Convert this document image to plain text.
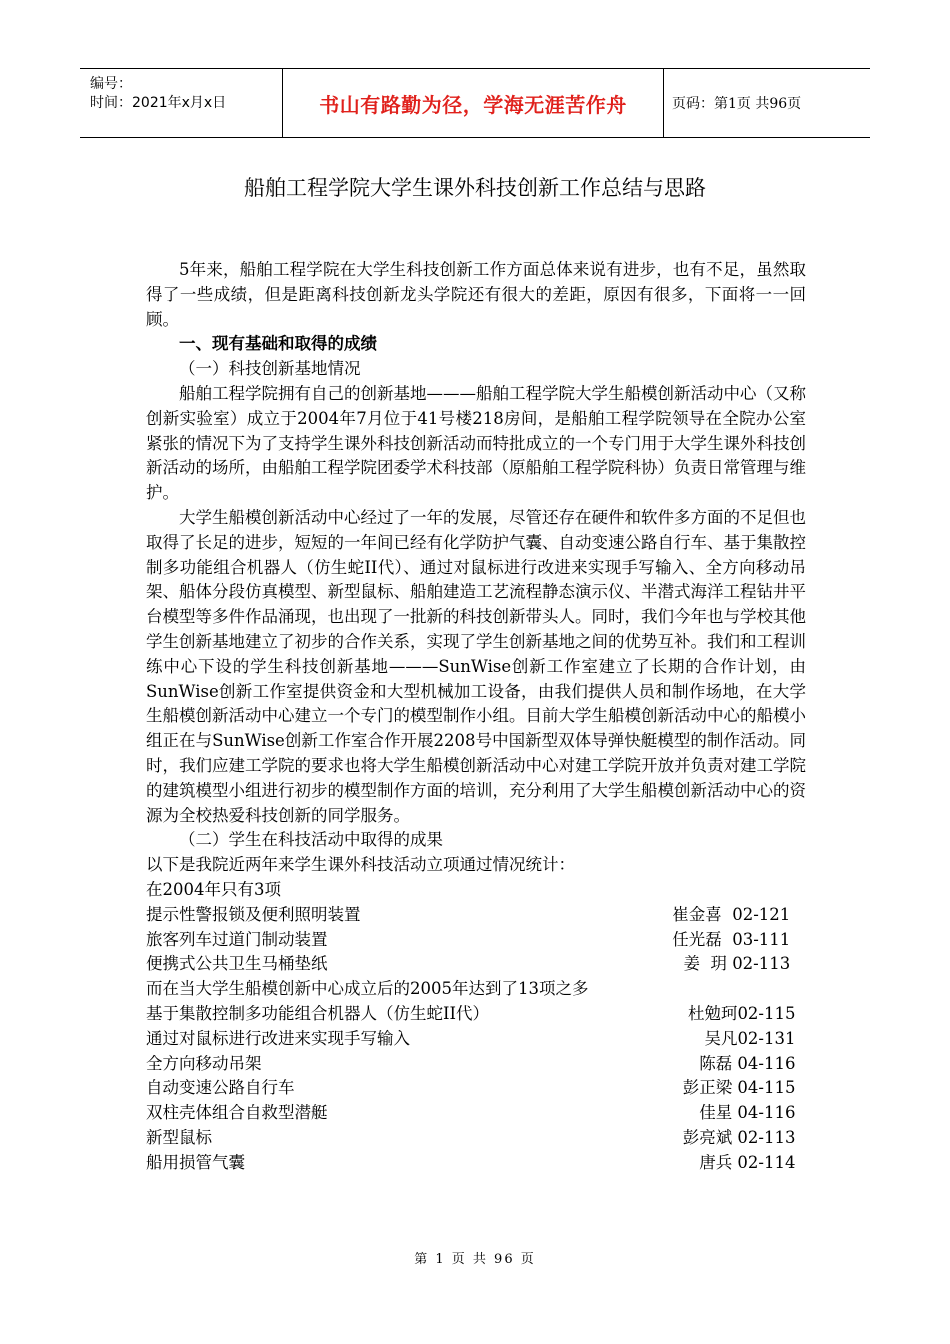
编号：
时间：2021年x月x日	书山有路勤为径，学海无涯苦作舟	页码：第1页 共96页
船舶工程学院大学生课外科技创新工作总结与思路

5年来，船舶工程学院在大学生科技创新工作方面总体来说有进步，也有不足，虽然取得了一些成绩，但是距离科技创新龙头学院还有很大的差距，原因有很多，下面将一一回顾。

一、现有基础和取得的成绩

（一）科技创新基地情况

船舶工程学院拥有自己的创新基地———船舶工程学院大学生船模创新活动中心（又称创新实验室）成立于2004年7月位于41号楼218房间，是船舶工程学院领导在全院办公室紧张的情况下为了支持学生课外科技创新活动而特批成立的一个专门用于大学生课外科技创新活动的场所，由船舶工程学院团委学术科技部（原船舶工程学院科协）负责日常管理与维护。

大学生船模创新活动中心经过了一年的发展，尽管还存在硬件和软件多方面的不足但也取得了长足的进步，短短的一年间已经有化学防护气囊、自动变速公路自行车、基于集散控制多功能组合机器人（仿生蛇II代）、通过对鼠标进行改进来实现手写输入、全方向移动吊架、船体分段仿真模型、新型鼠标、船舶建造工艺流程静态演示仪、半潜式海洋工程钻井平台模型等多件作品涌现，也出现了一批新的科技创新带头人。同时，我们今年也与学校其他学生创新基地建立了初步的合作关系，实现了学生创新基地之间的优势互补。我们和工程训练中心下设的学生科技创新基地———SunWise创新工作室建立了长期的合作计划，由SunWise创新工作室提供资金和大型机械加工设备，由我们提供人员和制作场地，在大学生船模创新活动中心建立一个专门的模型制作小组。目前大学生船模创新活动中心的船模小组正在与SunWise创新工作室合作开展2208号中国新型双体导弹快艇模型的制作活动。同时，我们应建工学院的要求也将大学生船模创新活动中心对建工学院开放并负责对建工学院的建筑模型小组进行初步的模型制作方面的培训，充分利用了大学生船模创新活动中心的资源为全校热爱科技创新的同学服务。

（二）学生在科技活动中取得的成果

以下是我院近两年来学生课外科技活动立项通过情况统计：

在2004年只有3项

提示性警报锁及便利照明装置	崔金喜  02-121
旅客列车过道门制动装置	任光磊  03-111
便携式公共卫生马桶垫纸	姜  玥 02-113

而在当大学生船模创新中心成立后的2005年达到了13项之多

基于集散控制多功能组合机器人（仿生蛇II代）	杜勉珂02-115
通过对鼠标进行改进来实现手写输入	吴凡02-131
全方向移动吊架	陈磊 04-116
自动变速公路自行车	彭正梁 04-115
双柱壳体组合自救型潜艇	佳星 04-116
新型鼠标	彭亮斌 02-113
船用损管气囊	唐兵 02-114
第 1 页 共 96 页
